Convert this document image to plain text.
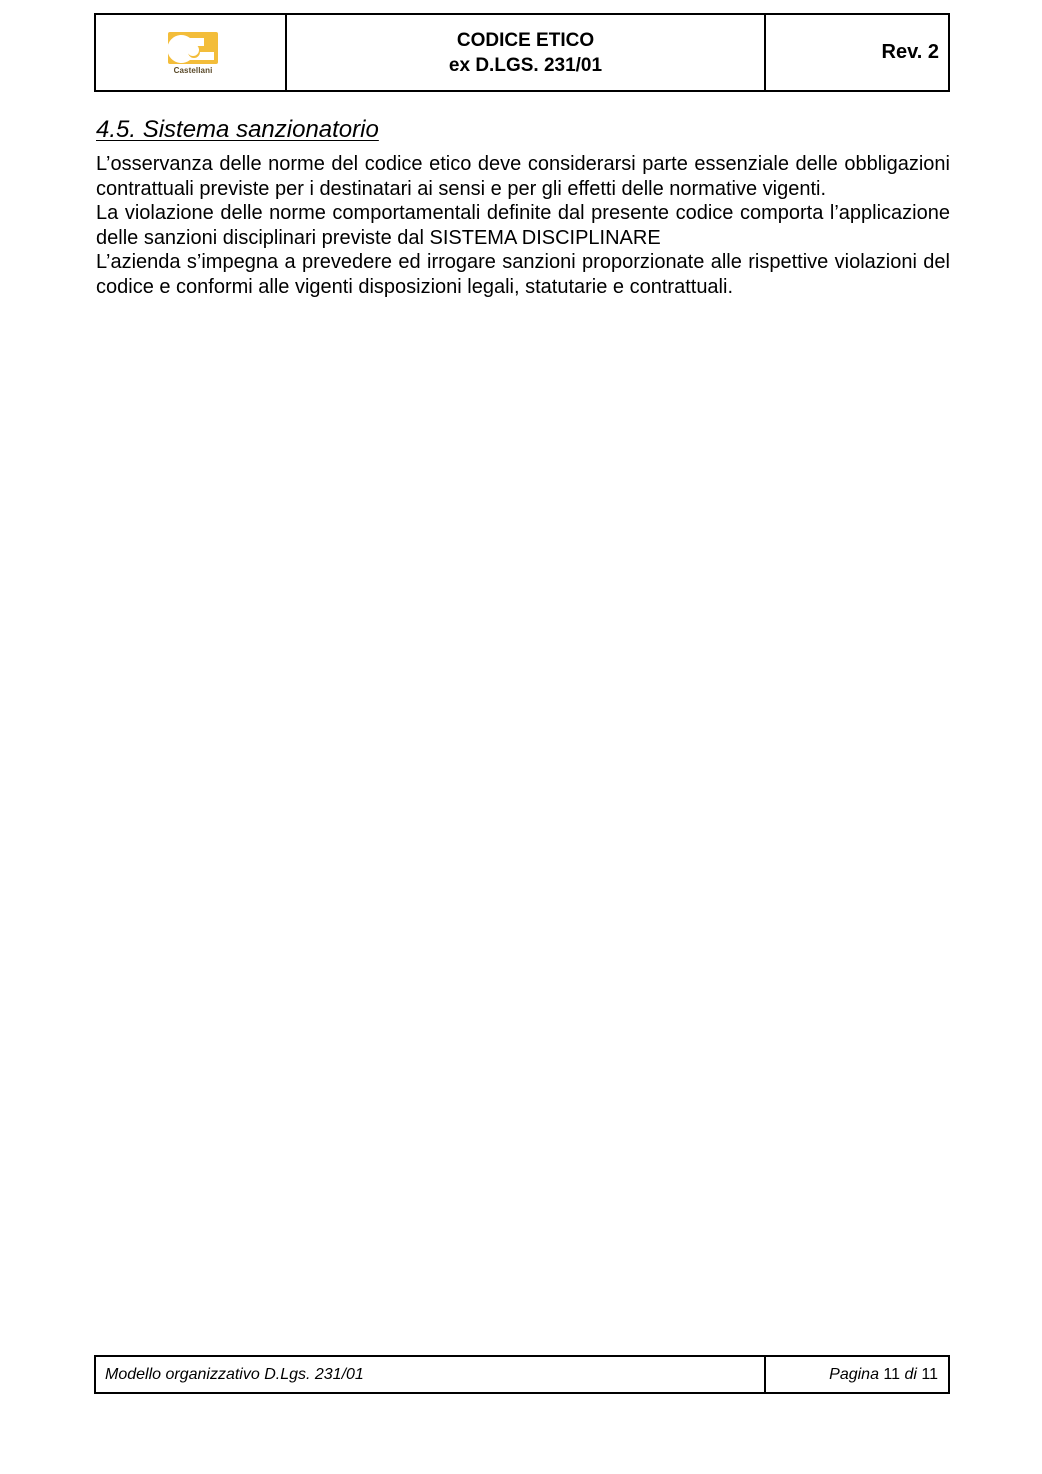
Castellani
CODICE ETICO
ex D.LGS. 231/01
Rev. 2
4.5. Sistema sanzionatorio

L’osservanza delle norme del codice etico deve considerarsi parte essenziale delle obbligazioni contrattuali previste per i destinatari ai sensi e per gli effetti delle normative vigenti.

La violazione delle norme comportamentali definite dal presente codice comporta l’applicazione delle sanzioni disciplinari previste dal SISTEMA DISCIPLINARE

L’azienda s’impegna a prevedere ed irrogare sanzioni proporzionate alle rispettive violazioni del codice e conformi alle vigenti disposizioni legali, statutarie e contrattuali.

Modello organizzativo D.Lgs. 231/01	Pagina
11
di
11
